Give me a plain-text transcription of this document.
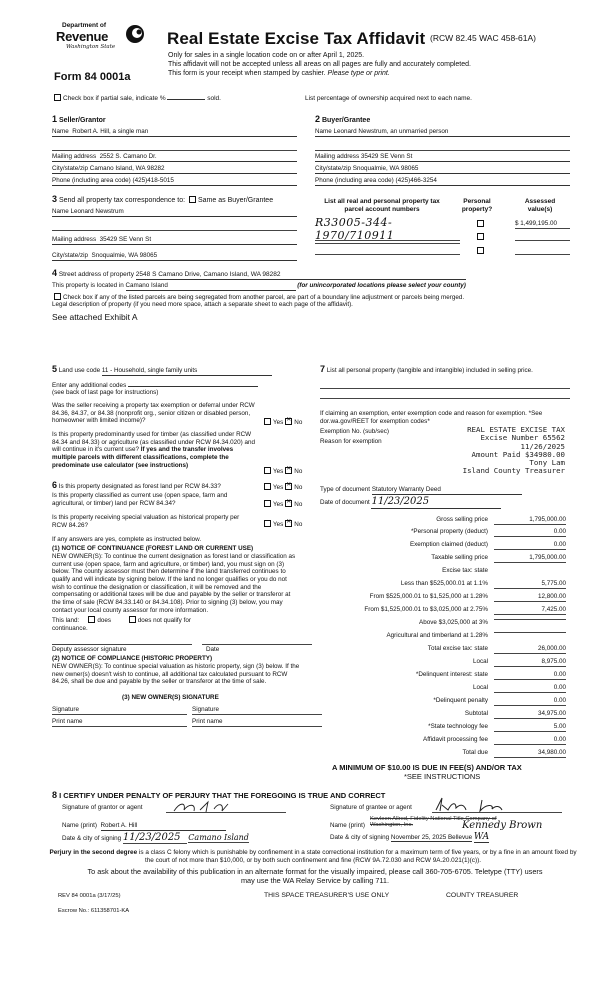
Department of
Revenue
Washington State
Form 84 0001a
Real Estate Excise Tax Affidavit (RCW 82.45 WAC 458-61A)
Only for sales in a single location code on or after April 1, 2025.
This affidavit will not be accepted unless all areas on all pages are fully and accurately completed.
This form is your receipt when stamped by cashier. Please type or print.
Check box if partial sale, indicate %	sold.	List percentage of ownership acquired next to each name.
1 Seller/Grantor
Name Robert A. Hill, a single man
Mailing address 2552 S. Camano Dr.
City/state/zip Camano Island, WA 98282
Phone (including area code) (425)418-5015
2 Buyer/Grantee
Name Leonard Newstrum, an unmarried person
Mailing address 35429 SE Venn St
City/state/zip Snoqualmie, WA 98065
Phone (including area code) (425)466-3254
3 Send all property tax correspondence to: Same as Buyer/Grantee
Name Leonard Newstrum
Mailing address 35429 SE Venn St
City/state/zip Snoqualmie, WA 98065
List all real and personal property tax parcel account numbers
Personal property?
Assessed value(s)
R33005-344-1970/710911
$ 1,499,195.00
4 Street address of property 2548 S Camano Drive, Camano Island, WA 98282
This property is located in Camano Island	(for unincorporated locations please select your county)
Check box if any of the listed parcels are being segregated from another parcel, are part of a boundary line adjustment or parcels being merged.
Legal description of property (if you need more space, attach a separate sheet to each page of the affidavit).
See attached Exhibit A
5 Land use code 11 - Household, single family units
Enter any additional codes
(see back of last page for instructions)
Was the seller receiving a property tax exemption or deferral under RCW 84.36, 84.37, or 84.38 (nonprofit org., senior citizen or disabled person, homeowner with limited income)?	Yes ✕ No
Is this property predominantly used for timber (as classified under RCW 84.34 and 84.33) or agriculture (as classified under RCW 84.34.020) and will continue in it's current use? If yes and the transfer involves multiple parcels with different classifications, complete the predominate use calculator (see instructions)
Yes ✕ No
6 Is this property designated as forest land per RCW 84.33?	Yes ✕ No
Is this property classified as current use (open space, farm and agricultural, or timber) land per RCW 84.34?	Yes ✕ No
Is this property receiving special valuation as historical property per RCW 84.26?	Yes ✕ No
If any answers are yes, complete as instructed below.
(1) NOTICE OF CONTINUANCE (FOREST LAND OR CURRENT USE)
NEW OWNER(S): To continue the current designation as forest land or classification as current use (open space, farm and agriculture, or timber) land, you must sign on (3) below. The county assessor must then determine if the land transferred continues to qualify and will indicate by signing below. If the land no longer qualifies or you do not wish to continue the designation or classification, it will be removed and the compensating or additional taxes will be due and payable by the seller or transferor at the time of sale (RCW 84.33.140 or 84.34.108). Prior to signing (3) below, you may contact your local county assessor for more information.
This land:	does	does not qualify for
continuance.
Deputy assessor signature	Date
(2) NOTICE OF COMPLIANCE (HISTORIC PROPERTY)
NEW OWNER(S): To continue special valuation as historic property, sign (3) below. If the new owner(s) doesn't wish to continue, all additional tax calculated pursuant to RCW 84.26, shall be due and payable by the seller or transferor at the time of sale.
(3) NEW OWNER(S) SIGNATURE
Signature	Signature
Print name	Print name
7 List all personal property (tangible and intangible) included in selling price.
If claiming an exemption, enter exemption code and reason for exemption. *See dor.wa.gov/REET for exemption codes*
Exemption No. (sub/sec)
Reason for exemption
REAL ESTATE EXCISE TAX
Excise Number 65562
11/26/2025
Amount Paid $34980.00
Tony Lam
Island County Treasurer
Type of document Statutory Warranty Deed
Date of document 11/23/2025
Gross selling price	1,795,000.00
*Personal property (deduct)	0.00
Exemption claimed (deduct)	0.00
Taxable selling price	1,795,000.00
Excise tax: state
Less than $525,000.01 at 1.1%	5,775.00
From $525,000.01 to $1,525,000 at 1.28%	12,800.00
From $1,525,000.01 to $3,025,000 at 2.75%	7,425.00
Above $3,025,000 at 3%
Agricultural and timberland at 1.28%
Total excise tax: state	26,000.00
Local	8,975.00
*Delinquent interest: state	0.00
Local	0.00
*Delinquent penalty	0.00
Subtotal	34,975.00
*State technology fee	5.00
Affidavit processing fee	0.00
Total due	34,980.00
A MINIMUM OF $10.00 IS DUE IN FEE(S) AND/OR TAX
*SEE INSTRUCTIONS
8 I CERTIFY UNDER PENALTY OF PERJURY THAT THE FOREGOING IS TRUE AND CORRECT
Signature of grantor or agent	Signature of grantee or agent
Name (print) Robert A. Hill	Name (print)
Kevleen Allred, Fidelity National Title Company of Washington, Inc.	Kennedy Brown
Date & city of signing 11/23/2025 Camano Island	Date & city of signing November 25, 2025 Bellevue WA
Perjury in the second degree is a class C felony which is punishable by confinement in a state correctional institution for a maximum term of five years, or by a fine in an amount fixed by the court of not more than $10,000, or by both such confinement and fine (RCW 9A.72.030 and RCW 9A.20.021(1)(c)).
To ask about the availability of this publication in an alternate format for the visually impaired, please call 360-705-6705. Teletype (TTY) users may use the WA Relay Service by calling 711.
REV 84 0001a (3/17/25)	THIS SPACE TREASURER'S USE ONLY	COUNTY TREASURER
Escrow No.: 611358701-KA
